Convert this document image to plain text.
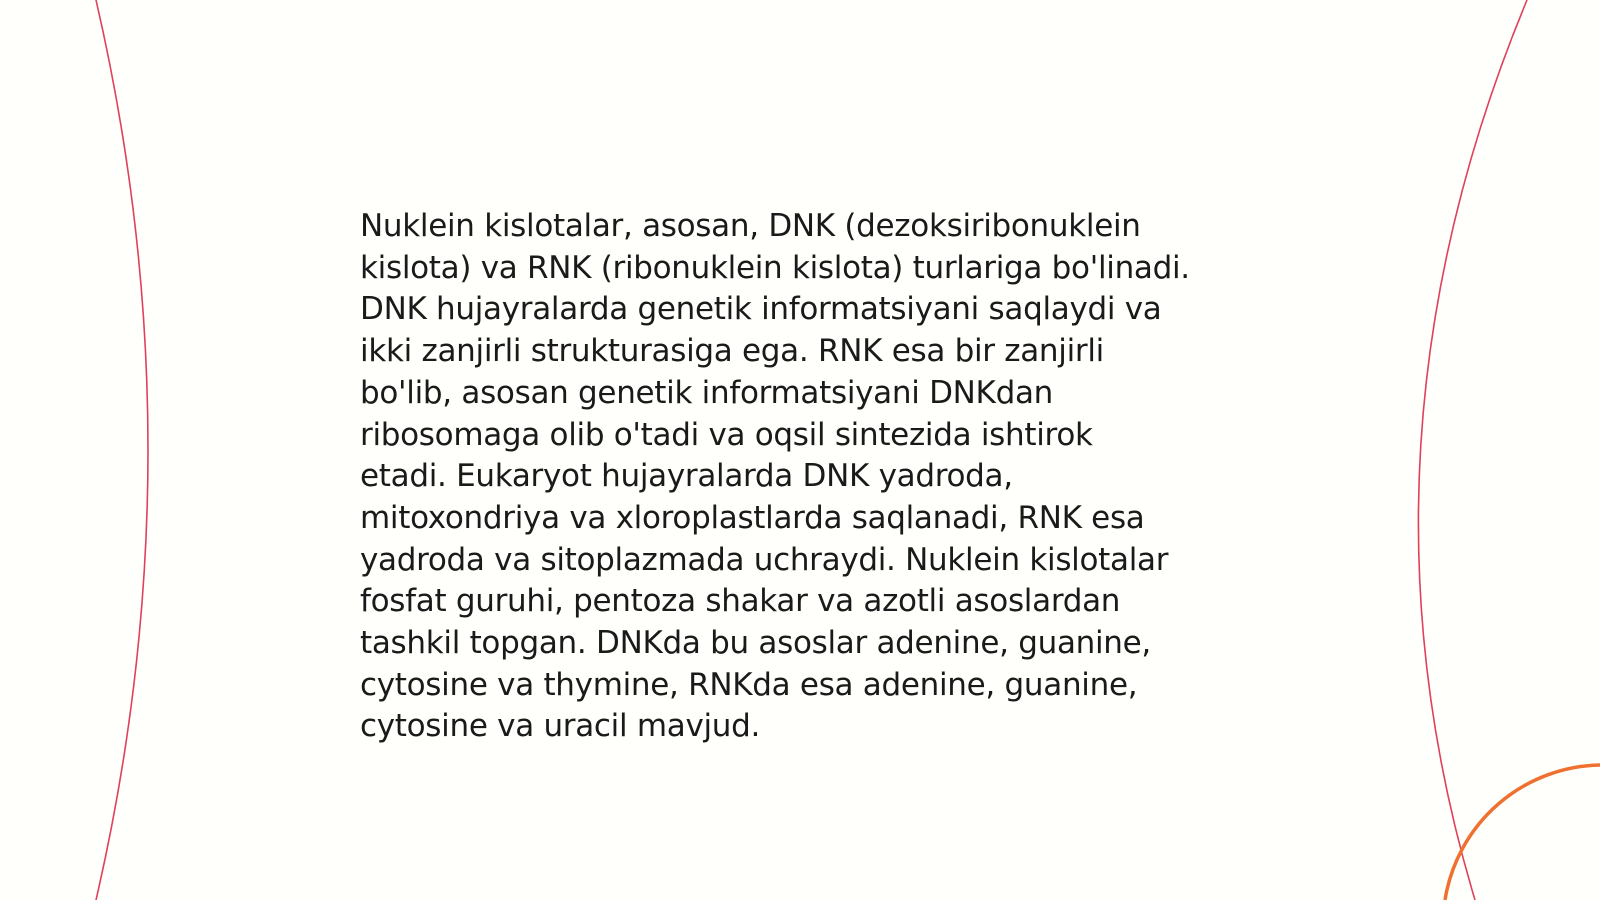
Nuklein kislotalar, asosan, DNK (dezoksiribonuklein
kislota) va RNK (ribonuklein kislota) turlariga bo'linadi.
DNK hujayralarda genetik informatsiyani saqlaydi va
ikki zanjirli strukturasiga ega. RNK esa bir zanjirli
bo'lib, asosan genetik informatsiyani DNKdan
ribosomaga olib o'tadi va oqsil sintezida ishtirok
etadi. Eukaryot hujayralarda DNK yadroda,
mitoxondriya va xloroplastlarda saqlanadi, RNK esa
yadroda va sitoplazmada uchraydi. Nuklein kislotalar
fosfat guruhi, pentoza shakar va azotli asoslardan
tashkil topgan. DNKda bu asoslar adenine, guanine,
cytosine va thymine, RNKda esa adenine, guanine,
cytosine va uracil mavjud.
